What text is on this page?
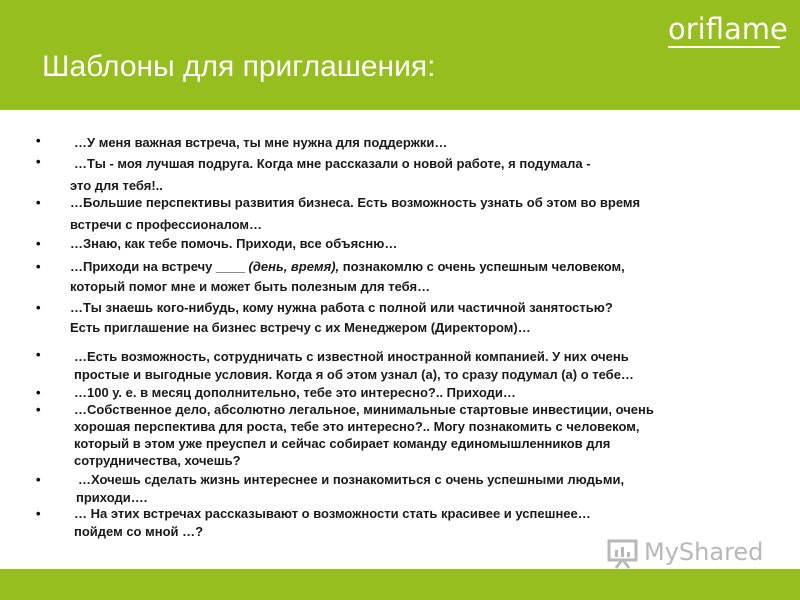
Шаблоны для приглашения:
oriflame
•	…У меня важная встреча, ты мне нужна для поддержки…
•	…Ты - моя лучшая подруга. Когда мне рассказали о новой работе, я подумала -
это для тебя!..
• …Большие перспективы развития бизнеса. Есть возможность узнать об этом во время
встречи с профессионалом…
• …Знаю, как тебе помочь. Приходи, все объясню…
• …Приходи на встречу ____ (день, время), познакомлю с очень успешным человеком,
который помог мне и может быть полезным для тебя…
• …Ты знаешь кого-нибудь, кому нужна работа с полной или частичной занятостью?
Есть приглашение на бизнес встречу с их Менеджером (Директором)…
•	…Есть возможность, сотрудничать с известной иностранной компанией. У них очень
простые и выгодные условия. Когда я об этом узнал (а), то сразу подумал (а) о тебе…
•	…100 у. е. в месяц дополнительно, тебе это интересно?.. Приходи…
•	…Собственное дело, абсолютно легальное, минимальные стартовые инвестиции, очень
хорошая перспектива для роста, тебе это интересно?.. Могу познакомить с человеком,
который в этом уже преуспел и сейчас собирает команду единомышленников для
сотрудничества, хочешь?
•	…Хочешь сделать жизнь интереснее и познакомиться с очень успешными людьми,
приходи….
•	… На этих встречах рассказывают о возможности стать красивее и успешнее…
пойдем со мной …?
MyShared
